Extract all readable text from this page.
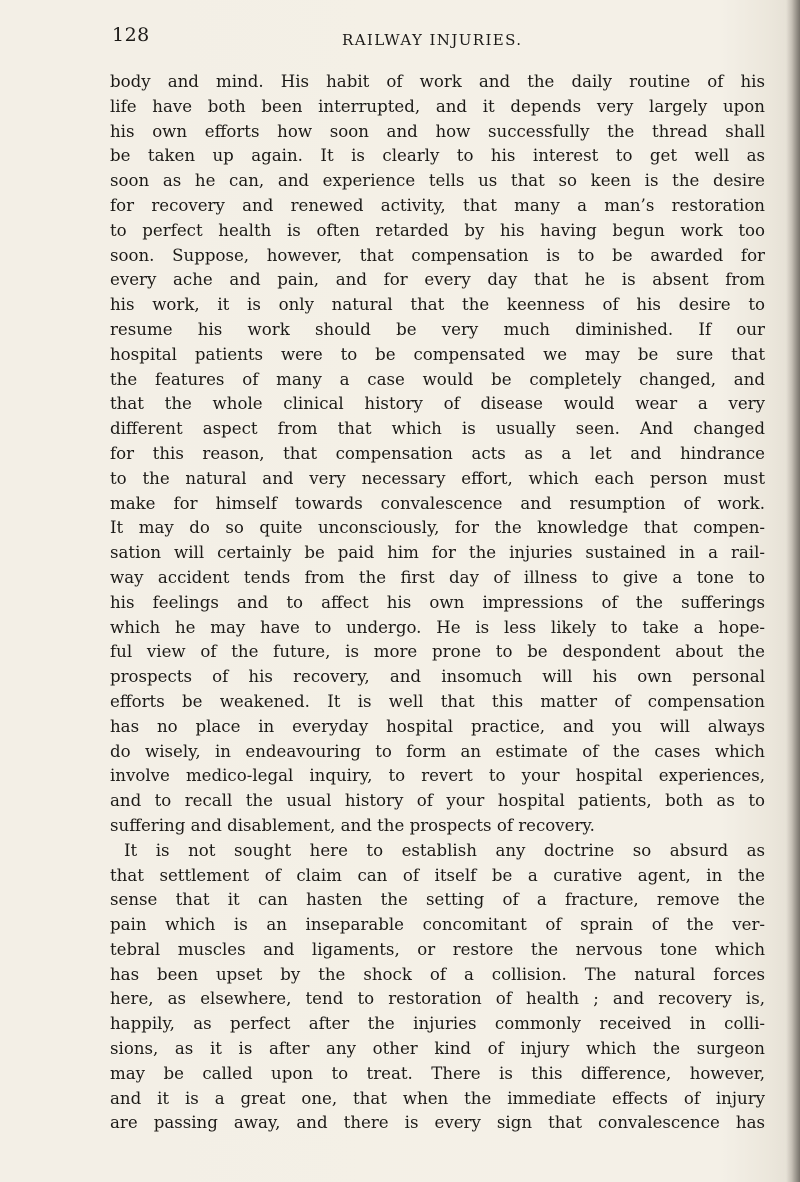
128	RAILWAY INJURIES.
body and mind. His habit of work and the daily routine of his
life have both been interrupted, and it depends very largely upon
his own efforts how soon and how successfully the thread shall
be taken up again. It is clearly to his interest to get well as
soon as he can, and experience tells us that so keen is the desire
for recovery and renewed activity, that many a man’s restoration
to perfect health is often retarded by his having begun work too
soon. Suppose, however, that compensation is to be awarded for
every ache and pain, and for every day that he is absent from
his work, it is only natural that the keenness of his desire to
resume his work should be very much diminished. If our
hospital patients were to be compensated we may be sure that
the features of many a case would be completely changed, and
that the whole clinical history of disease would wear a very
different aspect from that which is usually seen. And changed
for this reason, that compensation acts as a let and hindrance
to the natural and very necessary effort, which each person must
make for himself towards convalescence and resumption of work.
It may do so quite unconsciously, for the knowledge that compen-
sation will certainly be paid him for the injuries sustained in a rail-
way accident tends from the first day of illness to give a tone to
his feelings and to affect his own impressions of the sufferings
which he may have to undergo. He is less likely to take a hope-
ful view of the future, is more prone to be despondent about the
prospects of his recovery, and insomuch will his own personal
efforts be weakened. It is well that this matter of compensation
has no place in everyday hospital practice, and you will always
do wisely, in endeavouring to form an estimate of the cases which
involve medico-legal inquiry, to revert to your hospital experiences,
and to recall the usual history of your hospital patients, both as to
suffering and disablement, and the prospects of recovery.
It is not sought here to establish any doctrine so absurd as
that settlement of claim can of itself be a curative agent, in the
sense that it can hasten the setting of a fracture, remove the
pain which is an inseparable concomitant of sprain of the ver-
tebral muscles and ligaments, or restore the nervous tone which
has been upset by the shock of a collision. The natural forces
here, as elsewhere, tend to restoration of health ; and recovery is,
happily, as perfect after the injuries commonly received in colli-
sions, as it is after any other kind of injury which the surgeon
may be called upon to treat. There is this difference, however,
and it is a great one, that when the immediate effects of injury
are passing away, and there is every sign that convalescence has
